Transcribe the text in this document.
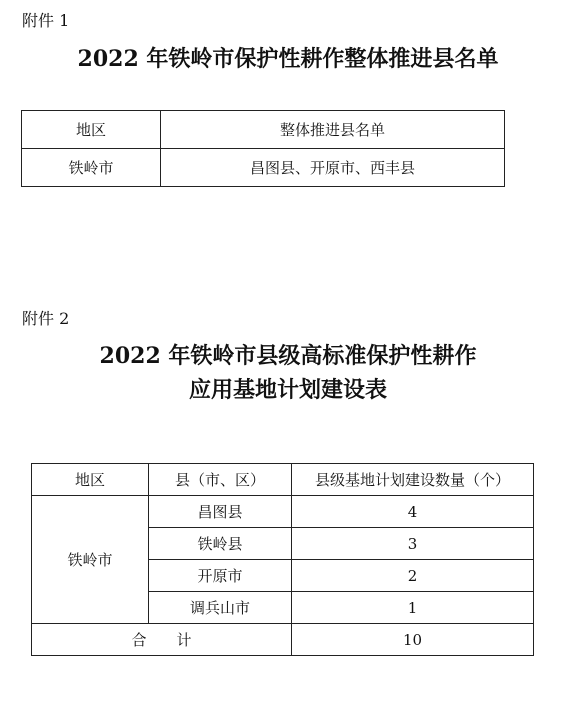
附件 1
2022 年铁岭市保护性耕作整体推进县名单
地区	整体推进县名单
铁岭市	昌图县、开原市、西丰县
附件 2
2022 年铁岭市县级高标准保护性耕作
应用基地计划建设表
地区	县（市、区）	县级基地计划建设数量（个）
铁岭市	昌图县	4
	铁岭县	3
	开原市	2
	调兵山市	1
合　　计		10
